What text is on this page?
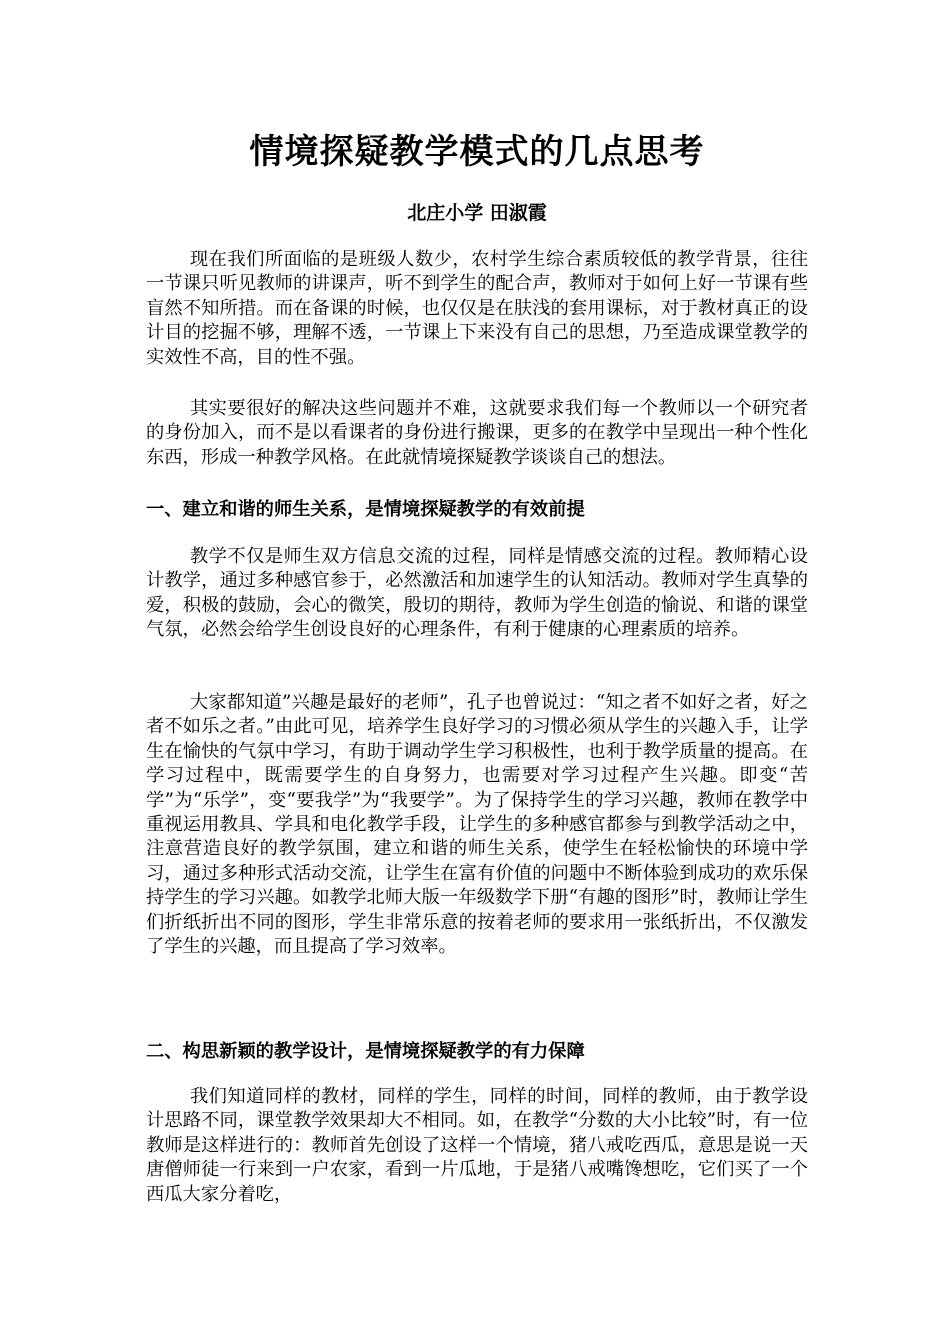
情境探疑教学模式的几点思考
北庄小学 田淑霞

现在我们所面临的是班级人数少，农村学生综合素质较低的教学背景，往往一节课只听见教师的讲课声，听不到学生的配合声，教师对于如何上好一节课有些盲然不知所措。而在备课的时候，也仅仅是在肤浅的套用课标，对于教材真正的设计目的挖掘不够，理解不透，一节课上下来没有自己的思想，乃至造成课堂教学的实效性不高，目的性不强。

其实要很好的解决这些问题并不难，这就要求我们每一个教师以一个研究者的身份加入，而不是以看课者的身份进行搬课，更多的在教学中呈现出一种个性化东西，形成一种教学风格。在此就情境探疑教学谈谈自己的想法。

一、建立和谐的师生关系，是情境探疑教学的有效前提

教学不仅是师生双方信息交流的过程，同样是情感交流的过程。教师精心设计教学，通过多种感官参于，必然激活和加速学生的认知活动。教师对学生真挚的爱，积极的鼓励，会心的微笑，殷切的期待，教师为学生创造的愉说、和谐的课堂气氛，必然会给学生创设良好的心理条件，有利于健康的心理素质的培养。

大家都知道”兴趣是最好的老师”，孔子也曾说过：“知之者不如好之者，好之者不如乐之者。”由此可见，培养学生良好学习的习惯必须从学生的兴趣入手，让学生在愉快的气氛中学习，有助于调动学生学习积极性，也利于教学质量的提高。在学习过程中，既需要学生的自身努力，也需要对学习过程产生兴趣。即变“苦学”为“乐学”，变“要我学”为“我要学”。为了保持学生的学习兴趣，教师在教学中重视运用教具、学具和电化教学手段，让学生的多种感官都参与到教学活动之中，注意营造良好的教学氛围，建立和谐的师生关系，使学生在轻松愉快的环境中学习，通过多种形式活动交流，让学生在富有价值的问题中不断体验到成功的欢乐保持学生的学习兴趣。如教学北师大版一年级数学下册“有趣的图形”时，教师让学生们折纸折出不同的图形，学生非常乐意的按着老师的要求用一张纸折出，不仅激发了学生的兴趣，而且提高了学习效率。

二、构思新颖的教学设计，是情境探疑教学的有力保障

我们知道同样的教材，同样的学生，同样的时间，同样的教师，由于教学设计思路不同，课堂教学效果却大不相同。如，在教学“分数的大小比较”时，有一位教师是这样进行的：教师首先创设了这样一个情境，猪八戒吃西瓜，意思是说一天唐僧师徒一行来到一户农家，看到一片瓜地，于是猪八戒嘴馋想吃，它们买了一个西瓜大家分着吃，
